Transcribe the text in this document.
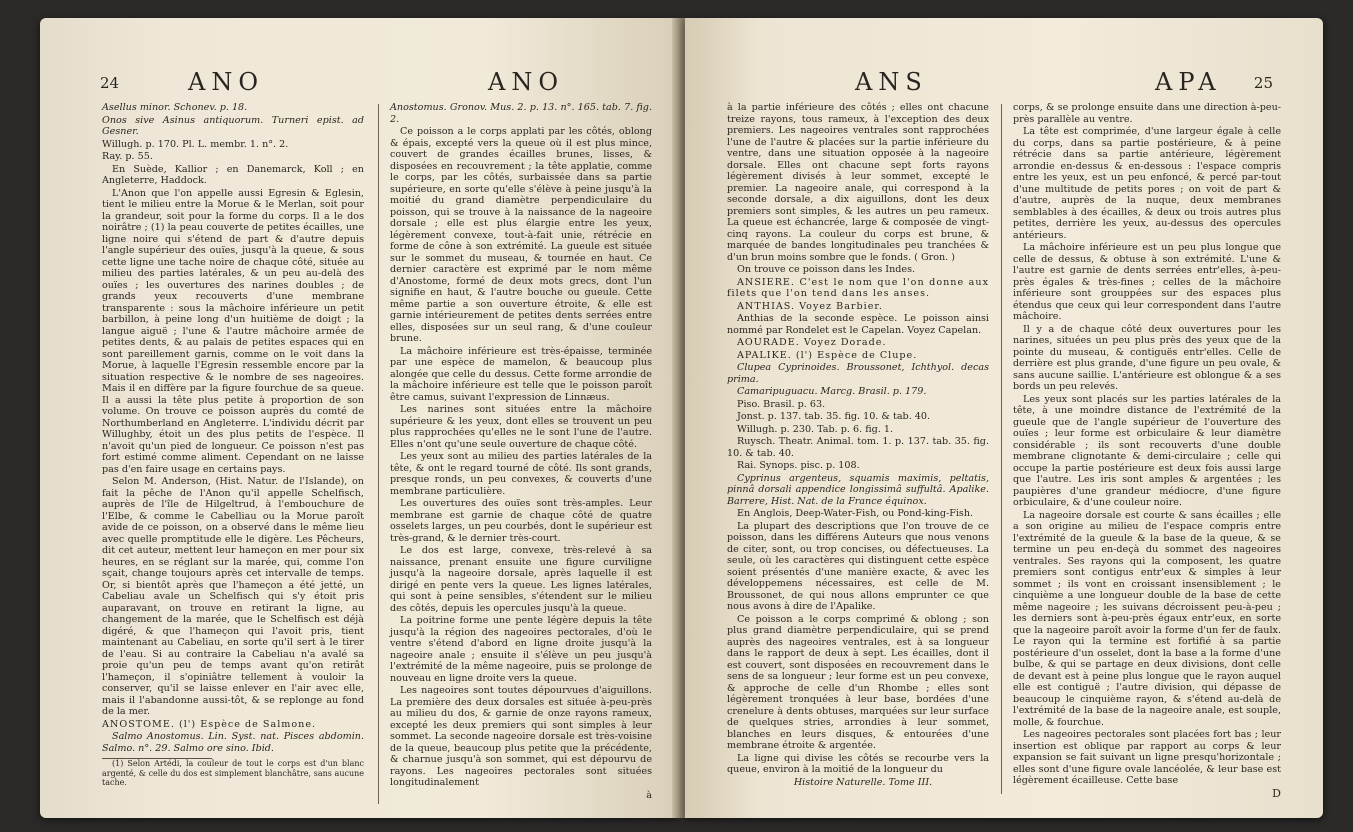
24	ANO	ANO

Asellus minor. Schonev. p. 18.

Onos sive Asinus antiquorum. Turneri epist. ad Gesner.

Willugh. p. 170. Pl. L. membr. 1. n°. 2.

Ray. p. 55.

En Suède, Kallior ; en Danemarck, Koll ; en Angleterre, Haddock.

L'Anon que l'on appelle aussi Egresin & Eglesin, tient le milieu entre la Morue & le Merlan, soit pour la grandeur, soit pour la forme du corps. Il a le dos noirâtre ; (1) la peau couverte de petites écailles, une ligne noire qui s'étend de part & d'autre depuis l'angle supérieur des ouïes, jusqu'à la queue, & sous cette ligne une tache noire de chaque côté, située au milieu des parties latérales, & un peu au-delà des ouïes ; les ouvertures des narines doubles ; de grands yeux recouverts d'une membrane transparente : sous la mâchoire inférieure un petit barbillon, à peine long d'un huitième de doigt ; la langue aiguë ; l'une & l'autre mâchoire armée de petites dents, & au palais de petites espaces qui en sont pareillement garnis, comme on le voit dans la Morue, à laquelle l'Egresin ressemble encore par la situation respective & le nombre de ses nageoires. Mais il en diffère par la figure fourchue de sa queue. Il a aussi la tête plus petite à proportion de son volume. On trouve ce poisson auprès du comté de Northumberland en Angleterre. L'individu décrit par Willughby, étoit un des plus petits de l'espèce. Il n'avoit qu'un pied de longueur. Ce poisson n'est pas fort estimé comme aliment. Cependant on ne laisse pas d'en faire usage en certains pays.

Selon M. Anderson, (Hist. Natur. de l'Islande), on fait la pêche de l'Anon qu'il appelle Schelfisch, auprès de l'île de Hilgeltrud, à l'embouchure de l'Elbe, & comme le Cabelliau ou la Morue paroît avide de ce poisson, on a observé dans le même lieu avec quelle promptitude elle le digère. Les Pêcheurs, dit cet auteur, mettent leur hameçon en mer pour six heures, en se réglant sur la marée, qui, comme l'on sçait, change toujours après cet intervalle de temps. Or, si bientôt après que l'hameçon a été jetté, un Cabeliau avale un Schelfisch qui s'y étoit pris auparavant, on trouve en retirant la ligne, au changement de la marée, que le Schelfisch est déjà digéré, & que l'hameçon qui l'avoit pris, tient maintenant au Cabeliau, en sorte qu'il sert à le tirer de l'eau. Si au contraire la Cabeliau n'a avalé sa proie qu'un peu de temps avant qu'on retirât l'hameçon, il s'opiniâtre tellement à vouloir la conserver, qu'il se laisse enlever en l'air avec elle, mais il l'abandonne aussi-tôt, & se replonge au fond de la mer.

ANOSTOME. (l') Espèce de Salmone.

Salmo Anostomus. Lin. Syst. nat. Pisces abdomin. Salmo. n°. 29. Salmo ore sino. Ibid.

(1) Selon Artédi, la couleur de tout le corps est d'un blanc argenté, & celle du dos est simplement blanchâtre, sans aucune tache.

Anostomus. Gronov. Mus. 2. p. 13. n°. 165. tab. 7. fig. 2.

Ce poisson a le corps applati par les côtés, oblong & épais, excepté vers la queue où il est plus mince, couvert de grandes écailles brunes, lisses, & disposées en recouvrement ; la tête applatie, comme le corps, par les côtés, surbaissée dans sa partie supérieure, en sorte qu'elle s'élève à peine jusqu'à la moitié du grand diamètre perpendiculaire du poisson, qui se trouve à la naissance de la nageoire dorsale ; elle est plus élargie entre les yeux, légèrement convexe, tout-à-fait unie, rétrécie en forme de cône à son extrémité. La gueule est située sur le sommet du museau, & tournée en haut. Ce dernier caractère est exprimé par le nom même d'Anostome, formé de deux mots grecs, dont l'un signifie en haut, & l'autre bouche ou gueule. Cette même partie a son ouverture étroite, & elle est garnie intérieurement de petites dents serrées entre elles, disposées sur un seul rang, & d'une couleur brune.

La mâchoire inférieure est très-épaisse, terminée par une espèce de mamelon, & beaucoup plus alongée que celle du dessus. Cette forme arrondie de la mâchoire inférieure est telle que le poisson paroît être camus, suivant l'expression de Linnæus.

Les narines sont situées entre la mâchoire supérieure & les yeux, dont elles se trouvent un peu plus rapprochées qu'elles ne le sont l'une de l'autre. Elles n'ont qu'une seule ouverture de chaque côté.

Les yeux sont au milieu des parties latérales de la tête, & ont le regard tourné de côté. Ils sont grands, presque ronds, un peu convexes, & couverts d'une membrane particulière.

Les ouvertures des ouïes sont très-amples. Leur membrane est garnie de chaque côté de quatre osselets larges, un peu courbés, dont le supérieur est très-grand, & le dernier très-court.

Le dos est large, convexe, très-relevé à sa naissance, prenant ensuite une figure curviligne jusqu'à la nageoire dorsale, après laquelle il est dirigé en pente vers la queue. Les lignes latérales, qui sont à peine sensibles, s'étendent sur le milieu des côtés, depuis les opercules jusqu'à la queue.

La poitrine forme une pente légère depuis la tête jusqu'à la région des nageoires pectorales, d'où le ventre s'étend d'abord en ligne droite jusqu'à la nageoire anale ; ensuite il s'élève un peu jusqu'à l'extrémité de la même nageoire, puis se prolonge de nouveau en ligne droite vers la queue.

Les nageoires sont toutes dépourvues d'aiguillons. La première des deux dorsales est située à-peu-près au milieu du dos, & garnie de onze rayons rameux, excepté les deux premiers qui sont simples à leur sommet. La seconde nageoire dorsale est très-voisine de la queue, beaucoup plus petite que la précédente, & charnue jusqu'à son sommet, qui est dépourvu de rayons. Les nageoires pectorales sont situées longitudinalement

à

ANS	APA 25

à la partie inférieure des côtés ; elles ont chacune treize rayons, tous rameux, à l'exception des deux premiers. Les nageoires ventrales sont rapprochées l'une de l'autre & placées sur la partie inférieure du ventre, dans une situation opposée à la nageoire dorsale. Elles ont chacune sept forts rayons légèrement divisés à leur sommet, excepté le premier. La nageoire anale, qui correspond à la seconde dorsale, a dix aiguillons, dont les deux premiers sont simples, & les autres un peu rameux. La queue est échancrée, large & composée de vingt-cinq rayons. La couleur du corps est brune, & marquée de bandes longitudinales peu tranchées & d'un brun moins sombre que le fonds. ( Gron. )

On trouve ce poisson dans les Indes.

ANSIERE. C'est le nom que l'on donne aux filets que l'on tend dans les anses.

ANTHIAS. Voyez Barbier.

Anthias de la seconde espèce. Le poisson ainsi nommé par Rondelet est le Capelan. Voyez Capelan.

AOURADE. Voyez Dorade.

APALIKE. (l') Espèce de Clupe.

Clupea Cyprinoides. Broussonet, Ichthyol. decas prima.

Camaripuguacu. Marcg. Brasil. p. 179.

Piso. Brasil. p. 63.

Jonst. p. 137. tab. 35. fig. 10. & tab. 40.

Willugh. p. 230. Tab. p. 6. fig. 1.

Ruysch. Theatr. Animal. tom. 1. p. 137. tab. 35. fig. 10. & tab. 40.

Rai. Synops. pisc. p. 108.

Cyprinus argenteus, squamis maximis, peltatis, pinnâ dorsali appendice longissimâ suffultâ. Apalike. Barrere, Hist. Nat. de la France équinox.

En Anglois, Deep-Water-Fish, ou Pond-king-Fish.

La plupart des descriptions que l'on trouve de ce poisson, dans les différens Auteurs que nous venons de citer, sont, ou trop concises, ou défectueuses. La seule, où les caractères qui distinguent cette espèce soient présentés d'une manière exacte, & avec les développemens nécessaires, est celle de M. Broussonet, de qui nous allons emprunter ce que nous avons à dire de l'Apalike.

Ce poisson a le corps comprimé & oblong ; son plus grand diamètre perpendiculaire, qui se prend auprès des nageoires ventrales, est à sa longueur dans le rapport de deux à sept. Les écailles, dont il est couvert, sont disposées en recouvrement dans le sens de sa longueur ; leur forme est un peu convexe, & approche de celle d'un Rhombe ; elles sont légèrement tronquées à leur base, bordées d'une crenelure à dents obtuses, marquées sur leur surface de quelques stries, arrondies à leur sommet, blanches en leurs disques, & entourées d'une membrane étroite & argentée.

La ligne qui divise les côtés se recourbe vers la queue, environ à la moitié de la longueur du

Histoire Naturelle. Tome III.

corps, & se prolonge ensuite dans une direction à-peu-près parallèle au ventre.

La tête est comprimée, d'une largeur égale à celle du corps, dans sa partie postérieure, & à peine rétrécie dans sa partie antérieure, légèrement arrondie en-dessus & en-dessous : l'espace compris entre les yeux, est un peu enfoncé, & percé par-tout d'une multitude de petits pores ; on voit de part & d'autre, auprès de la nuque, deux membranes semblables à des écailles, & deux ou trois autres plus petites, derrière les yeux, au-dessus des opercules antérieurs.

La mâchoire inférieure est un peu plus longue que celle de dessus, & obtuse à son extrémité. L'une & l'autre est garnie de dents serrées entr'elles, à-peu-près égales & très-fines ; celles de la mâchoire inférieure sont grouppées sur des espaces plus étendus que ceux qui leur correspondent dans l'autre mâchoire.

Il y a de chaque côté deux ouvertures pour les narines, situées un peu plus près des yeux que de la pointe du museau, & contiguës entr'elles. Celle de derrière est plus grande, d'une figure un peu ovale, & sans aucune saillie. L'antérieure est oblongue & a ses bords un peu relevés.

Les yeux sont placés sur les parties latérales de la tête, à une moindre distance de l'extrémité de la gueule que de l'angle supérieur de l'ouverture des ouïes ; leur forme est orbiculaire & leur diamètre considérable ; ils sont recouverts d'une double membrane clignotante & demi-circulaire ; celle qui occupe la partie postérieure est deux fois aussi large que l'autre. Les iris sont amples & argentées ; les paupières d'une grandeur médiocre, d'une figure orbiculaire, & d'une couleur noire.

La nageoire dorsale est courte & sans écailles ; elle a son origine au milieu de l'espace compris entre l'extrémité de la gueule & la base de la queue, & se termine un peu en-deçà du sommet des nageoires ventrales. Ses rayons qui la composent, les quatre premiers sont contigus entr'eux & simples à leur sommet ; ils vont en croissant insensiblement ; le cinquième a une longueur double de la base de cette même nageoire ; les suivans décroissent peu-à-peu ; les derniers sont à-peu-près égaux entr'eux, en sorte que la nageoire paroît avoir la forme d'un fer de faulx. Le rayon qui la termine est fortifié à sa partie postérieure d'un osselet, dont la base a la forme d'une bulbe, & qui se partage en deux divisions, dont celle de devant est à peine plus longue que le rayon auquel elle est contiguë ; l'autre division, qui dépasse de beaucoup le cinquième rayon, & s'étend au-delà de l'extrémité de la base de la nageoire anale, est souple, molle, & fourchue.

Les nageoires pectorales sont placées fort bas ; leur insertion est oblique par rapport au corps & leur expansion se fait suivant un ligne presqu'horizontale ; elles sont d'une figure ovale lancéolée, & leur base est légèrement écailleuse. Cette base

D
